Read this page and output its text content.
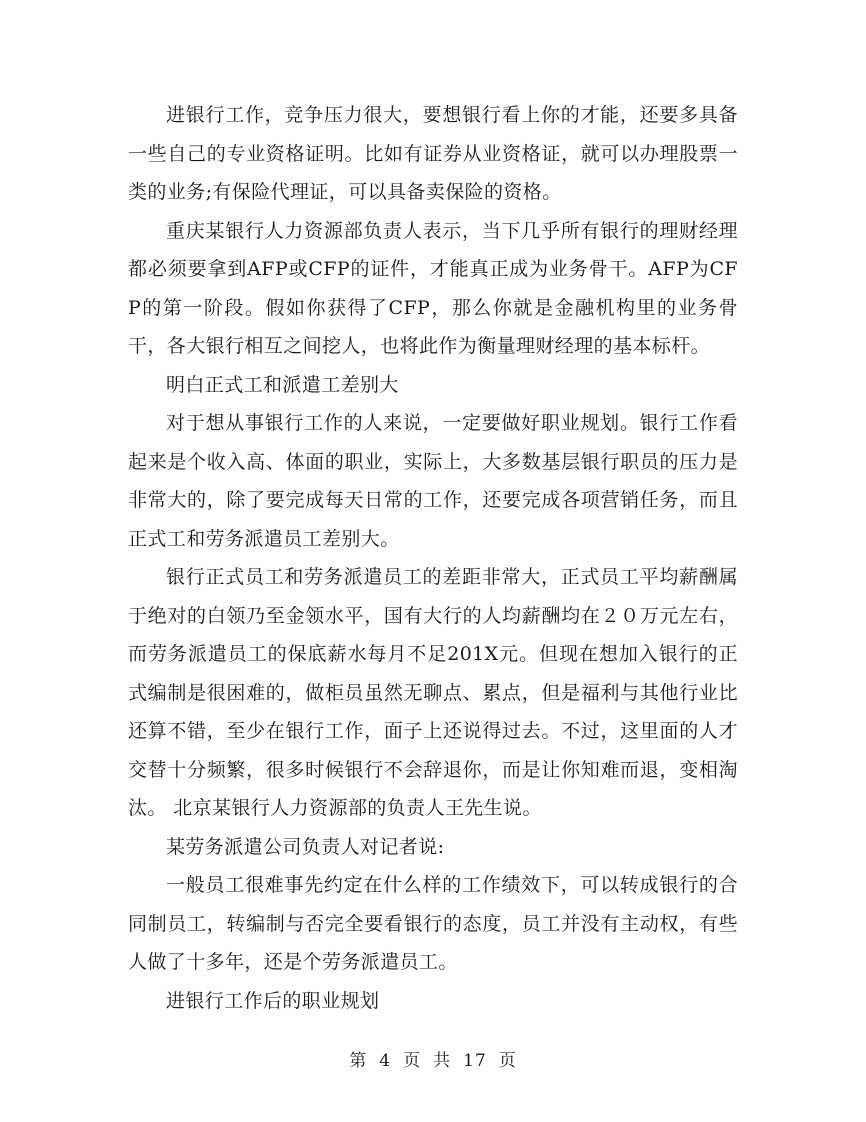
进银行工作，竞争压力很大，要想银行看上你的才能，还要多具备一些自己的专业资格证明。比如有证券从业资格证，就可以办理股票一类的业务;有保险代理证，可以具备卖保险的资格。

重庆某银行人力资源部负责人表示，当下几乎所有银行的理财经理都必须要拿到AFP或CFP的证件，才能真正成为业务骨干。AFP为CFP的第一阶段。假如你获得了CFP，那么你就是金融机构里的业务骨干，各大银行相互之间挖人，也将此作为衡量理财经理的基本标杆。

明白正式工和派遣工差别大

对于想从事银行工作的人来说，一定要做好职业规划。银行工作看起来是个收入高、体面的职业，实际上，大多数基层银行职员的压力是非常大的，除了要完成每天日常的工作，还要完成各项营销任务，而且正式工和劳务派遣员工差别大。

银行正式员工和劳务派遣员工的差距非常大，正式员工平均薪酬属于绝对的白领乃至金领水平，国有大行的人均薪酬均在２０万元左右，而劳务派遣员工的保底薪水每月不足201X元。但现在想加入银行的正式编制是很困难的，做柜员虽然无聊点、累点，但是福利与其他行业比还算不错，至少在银行工作，面子上还说得过去。不过，这里面的人才交替十分频繁，很多时候银行不会辞退你，而是让你知难而退，变相淘汰。 北京某银行人力资源部的负责人王先生说。

某劳务派遣公司负责人对记者说:

一般员工很难事先约定在什么样的工作绩效下，可以转成银行的合同制员工，转编制与否完全要看银行的态度，员工并没有主动权，有些人做了十多年，还是个劳务派遣员工。

进银行工作后的职业规划

第 4 页 共 17 页
